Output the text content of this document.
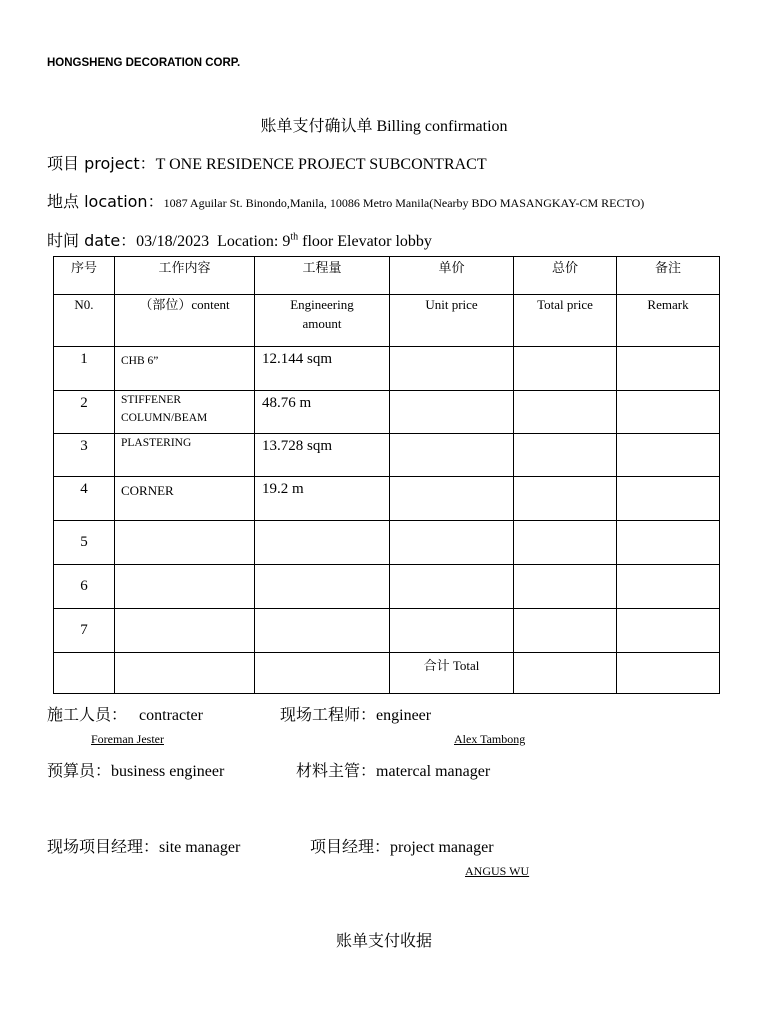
HONGSHENG DECORATION CORP.
账单支付确认单 Billing confirmation
项目 project：T ONE RESIDENCE PROJECT SUBCONTRACT
地点 location：1087 Aguilar St. Binondo,Manila, 10086 Metro Manila(Nearby BDO MASANGKAY-CM RECTO)
时间 date：03/18/2023 Location: 9th floor Elevator lobby
序号	工作内容	工程量	单价	总价	备注
N0.	（部位）content	Engineering amount	Unit price	Total price	Remark
1	CHB 6”	12.144 sqm			
2	STIFFENER COLUMN/BEAM	48.76 m			
3	PLASTERING	13.728 sqm			
4	CORNER	19.2 m			
5					
6					
7					
			合计 Total		
施工人员： contracter	现场工程师：engineer
Foreman Jester	Alex Tambong
预算员：business engineer	材料主管：matercal manager
现场项目经理：site manager	项目经理：project manager
ANGUS WU
账单支付收据
